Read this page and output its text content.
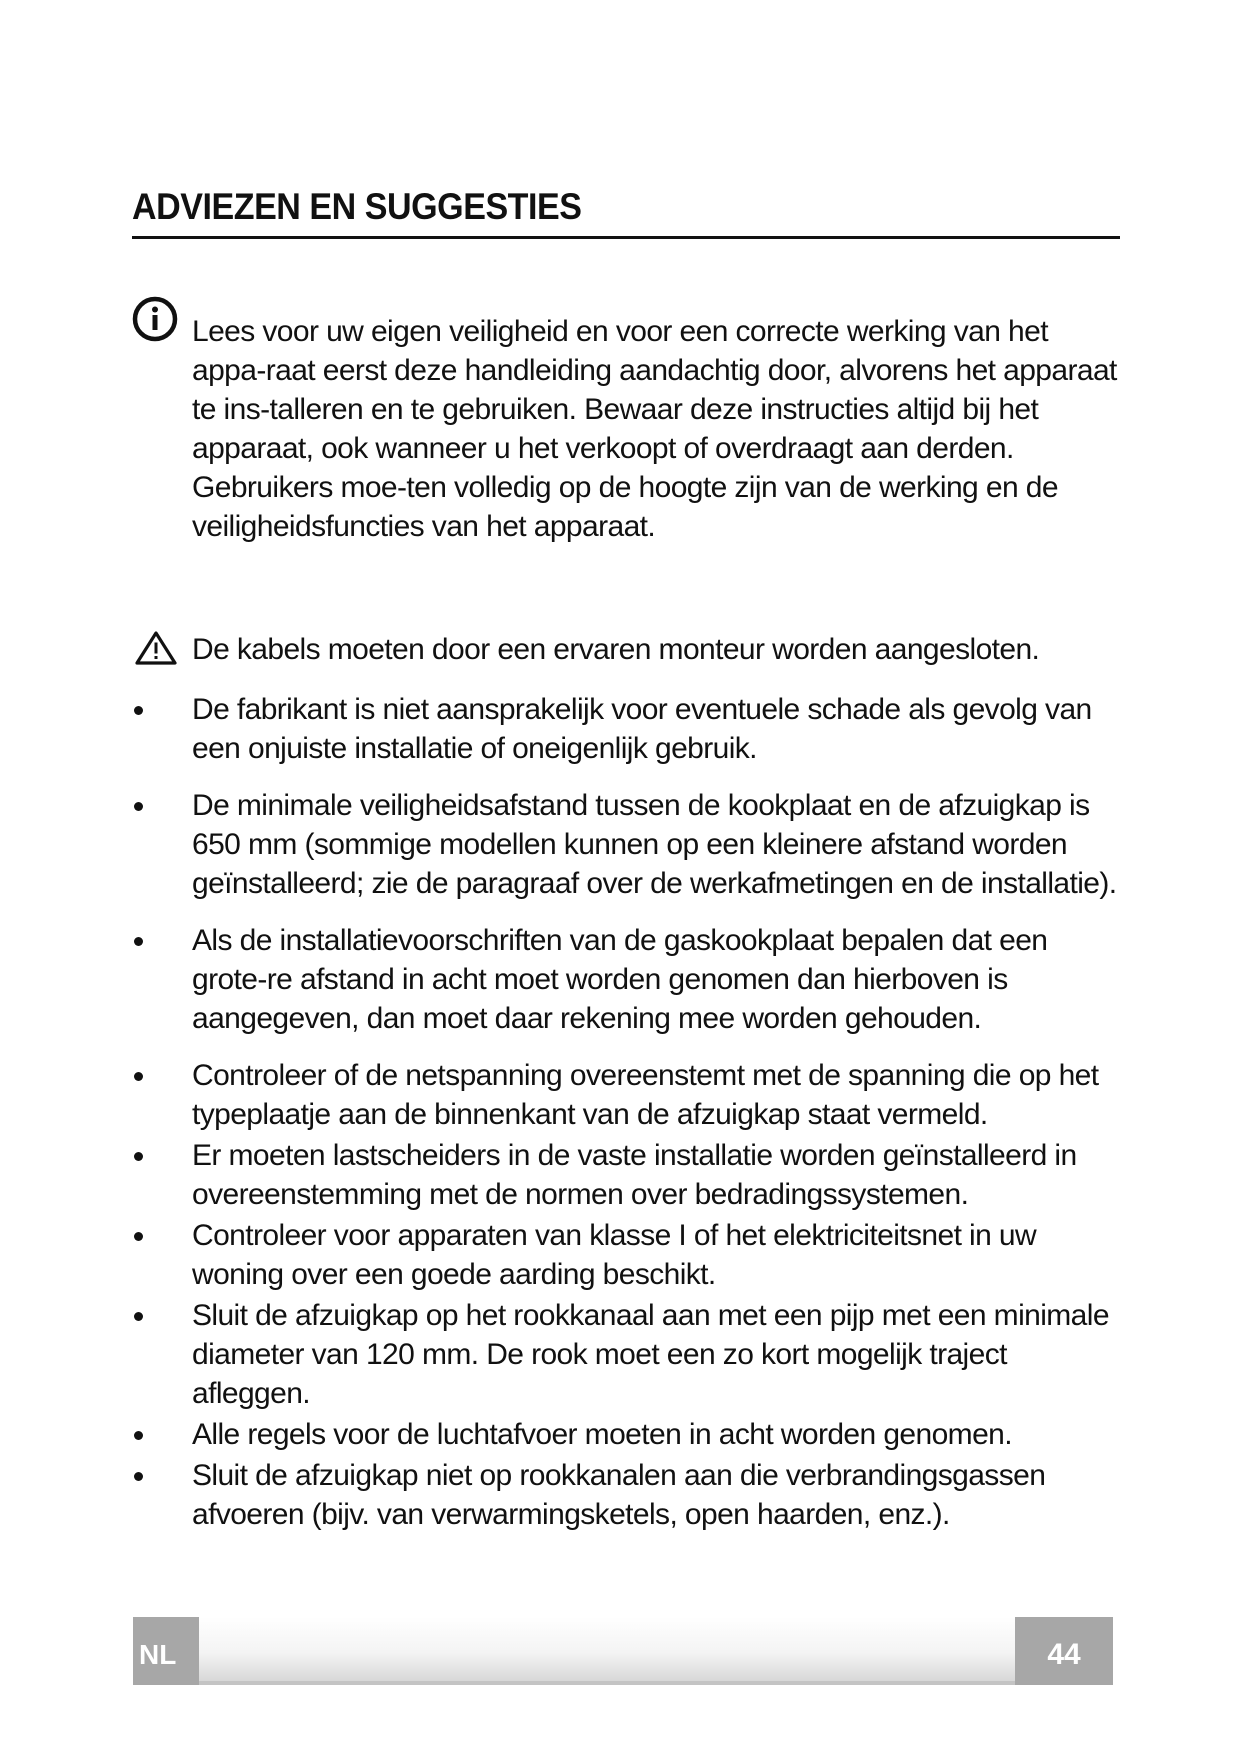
ADVIEZEN EN SUGGESTIES

Lees voor uw eigen veiligheid en voor een correcte werking van het appa-raat eerst deze handleiding aandachtig door, alvorens het apparaat te ins-talleren en te gebruiken. Bewaar deze instructies altijd bij het apparaat, ook wanneer u het verkoopt of overdraagt aan derden. Gebruikers moe-ten volledig op de hoogte zijn van de werking en de veiligheidsfuncties van het apparaat.

De kabels moeten door een ervaren monteur worden aangesloten.

De fabrikant is niet aansprakelijk voor eventuele schade als gevolg van een onjuiste installatie of oneigenlijk gebruik.
De minimale veiligheidsafstand tussen de kookplaat en de afzuigkap is 650 mm (sommige modellen kunnen op een kleinere afstand worden geïnstalleerd; zie de paragraaf over de werkafmetingen en de installatie).
Als de installatievoorschriften van de gaskookplaat bepalen dat een grote-re afstand in acht moet worden genomen dan hierboven is aangegeven, dan moet daar rekening mee worden gehouden.
Controleer of de netspanning overeenstemt met de spanning die op het typeplaatje aan de binnenkant van de afzuigkap staat vermeld.
Er moeten lastscheiders in de vaste installatie worden geïnstalleerd in overeenstemming met de normen over bedradingssystemen.
Controleer voor apparaten van klasse I of het elektriciteitsnet in uw woning over een goede aarding beschikt.
Sluit de afzuigkap op het rookkanaal aan met een pijp met een minimale diameter van 120 mm. De rook moet een zo kort mogelijk traject afleggen.
Alle regels voor de luchtafvoer moeten in acht worden genomen.
Sluit de afzuigkap niet op rookkanalen aan die verbrandingsgassen afvoeren (bijv. van verwarmingsketels, open haarden, enz.).
NL	44
